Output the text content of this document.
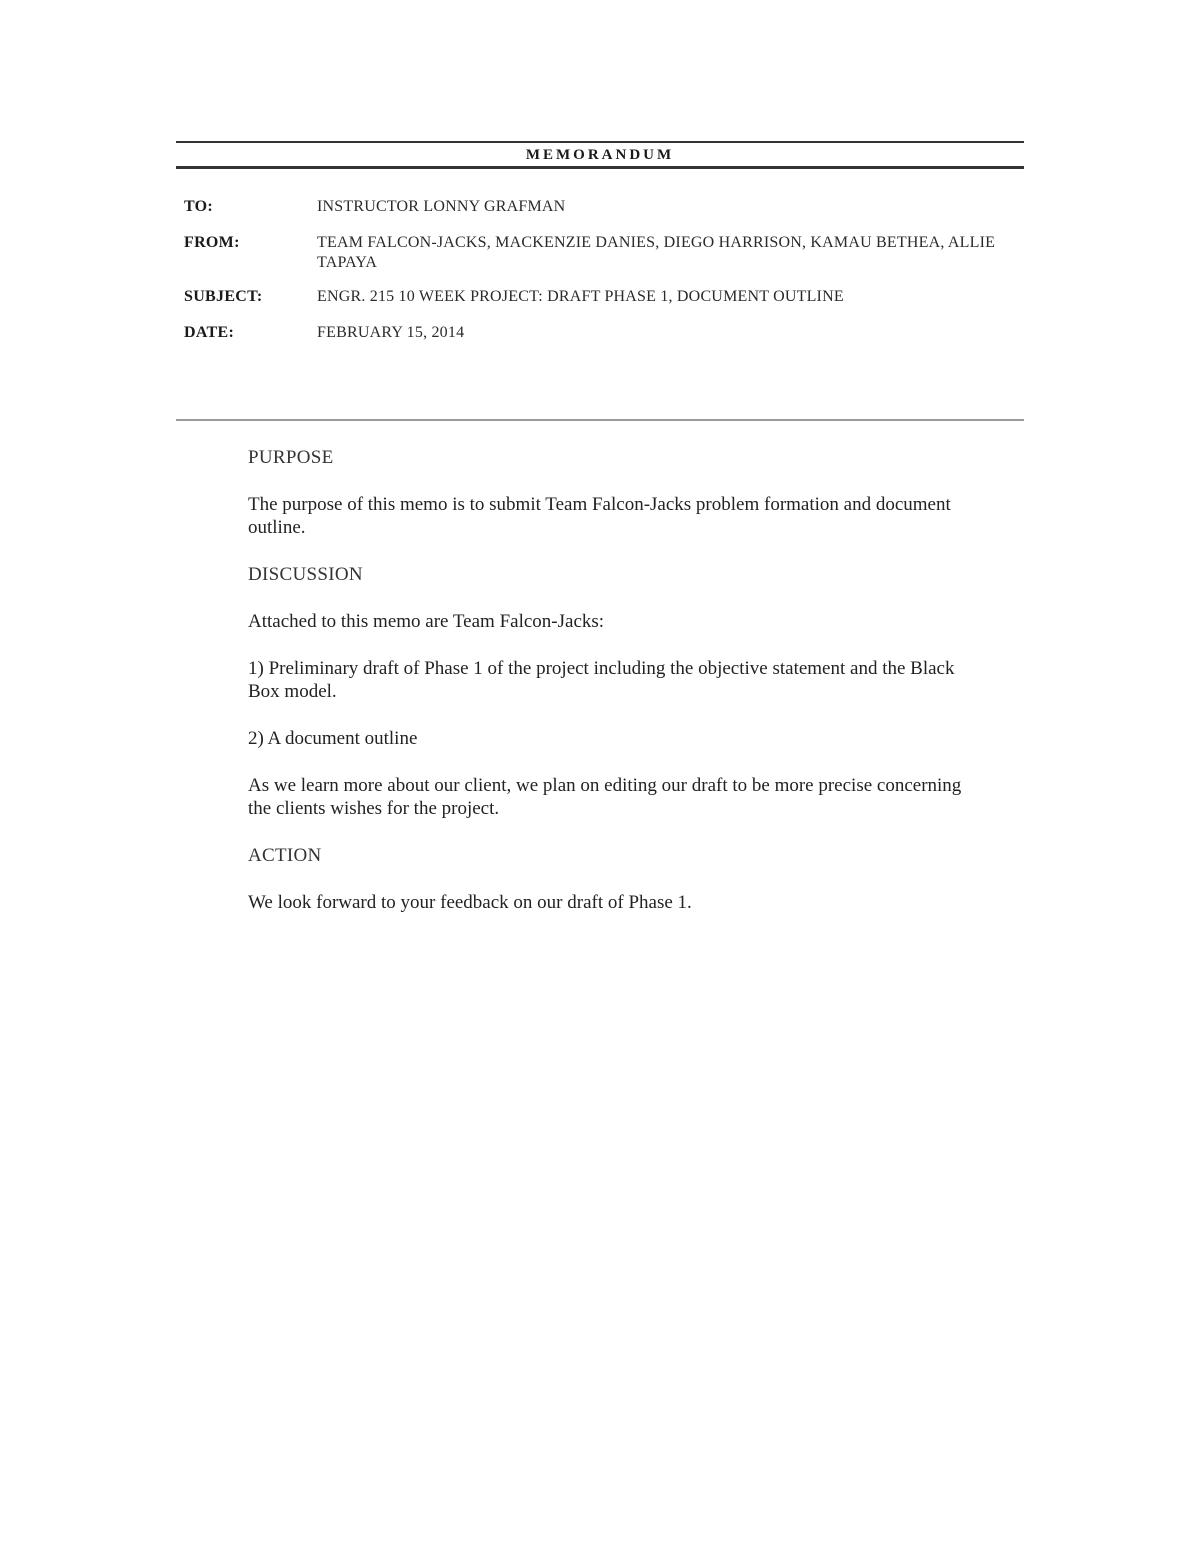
MEMORANDUM
TO:	INSTRUCTOR LONNY GRAFMAN
FROM:	TEAM FALCON-JACKS, MACKENZIE DANIES, DIEGO HARRISON, KAMAU BETHEA, ALLIE TAPAYA
SUBJECT:	ENGR. 215 10 WEEK PROJECT: DRAFT PHASE 1, DOCUMENT OUTLINE
DATE:	FEBRUARY 15, 2014
PURPOSE

The purpose of this memo is to submit Team Falcon-Jacks problem formation and document outline.

DISCUSSION

Attached to this memo are Team Falcon-Jacks:

1) Preliminary draft of Phase 1 of the project including the objective statement and the Black Box model.

2) A document outline

As we learn more about our client, we plan on editing our draft to be more precise concerning the clients wishes for the project.

ACTION

We look forward to your feedback on our draft of Phase 1.
